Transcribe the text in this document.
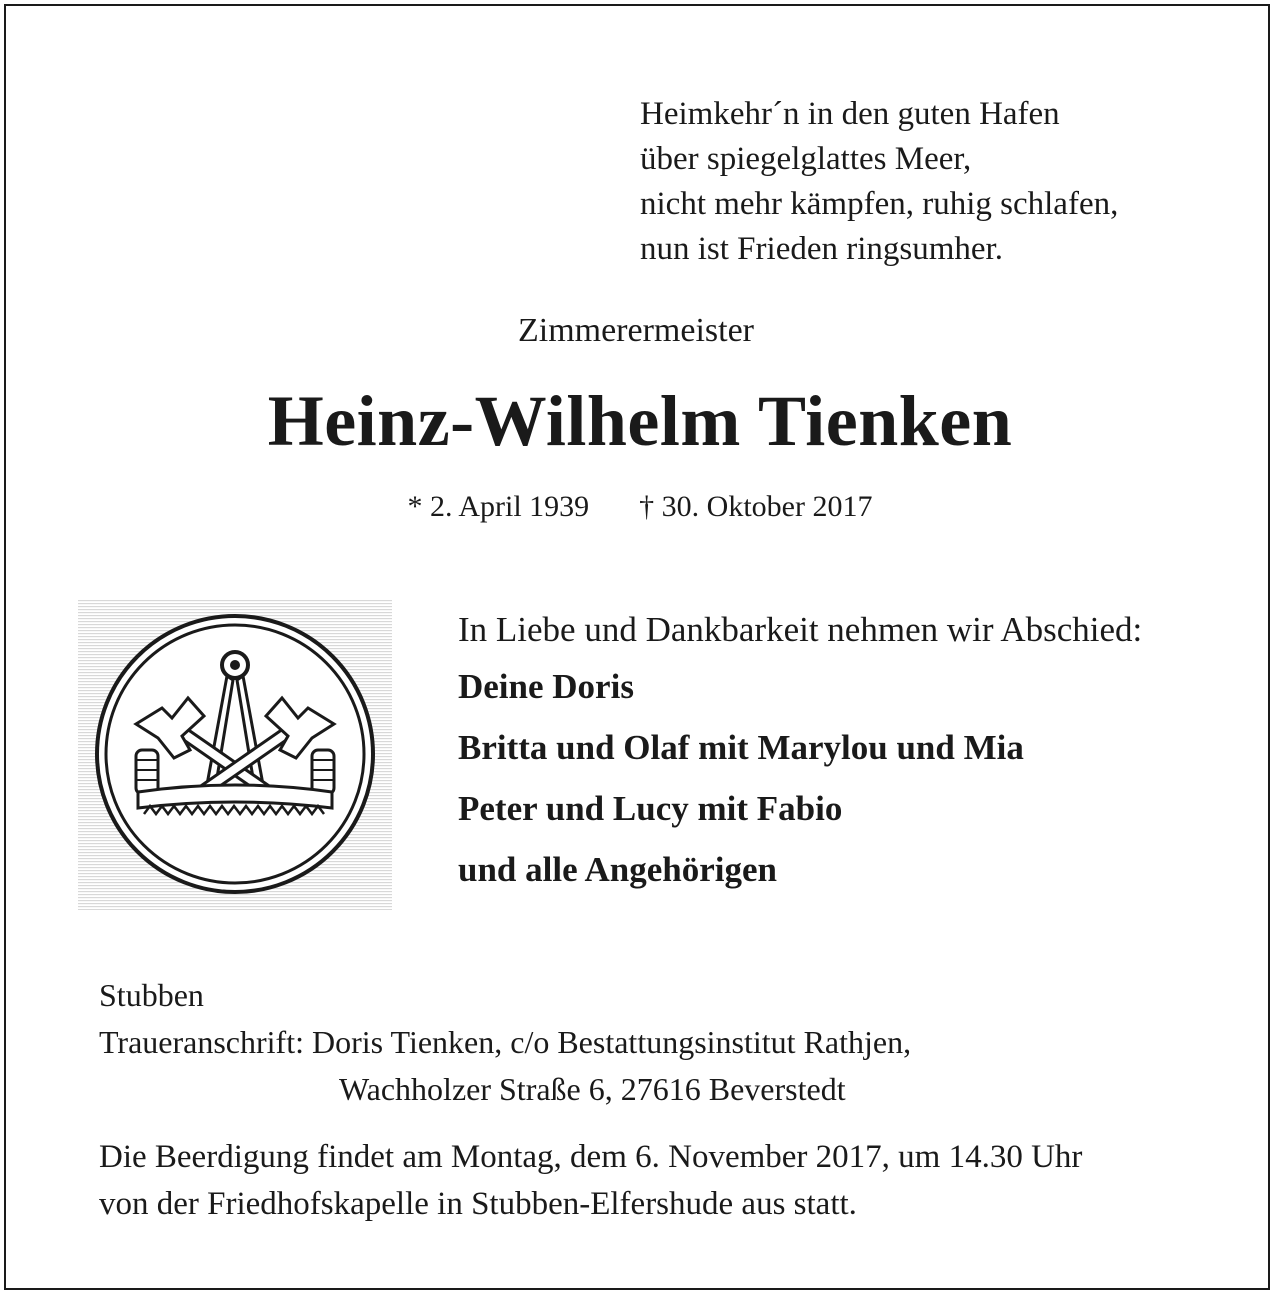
Heimkehr´n in den guten Hafen
über spiegelglattes Meer,
nicht mehr kämpfen, ruhig schlafen,
nun ist Frieden ringsumher.
Zimmerermeister
Heinz-Wilhelm Tienken
* 2. April 1939 † 30. Oktober 2017
In Liebe und Dankbarkeit nehmen wir Abschied:
Deine Doris
Britta und Olaf mit Marylou und Mia
Peter und Lucy mit Fabio
und alle Angehörigen
Stubben
Traueranschrift: Doris Tienken, c/o Bestattungsinstitut Rathjen,
Wachholzer Straße 6, 27616 Beverstedt
Die Beerdigung findet am Montag, dem 6. November 2017, um 14.30 Uhr
von der Friedhofskapelle in Stubben-Elfershude aus statt.
